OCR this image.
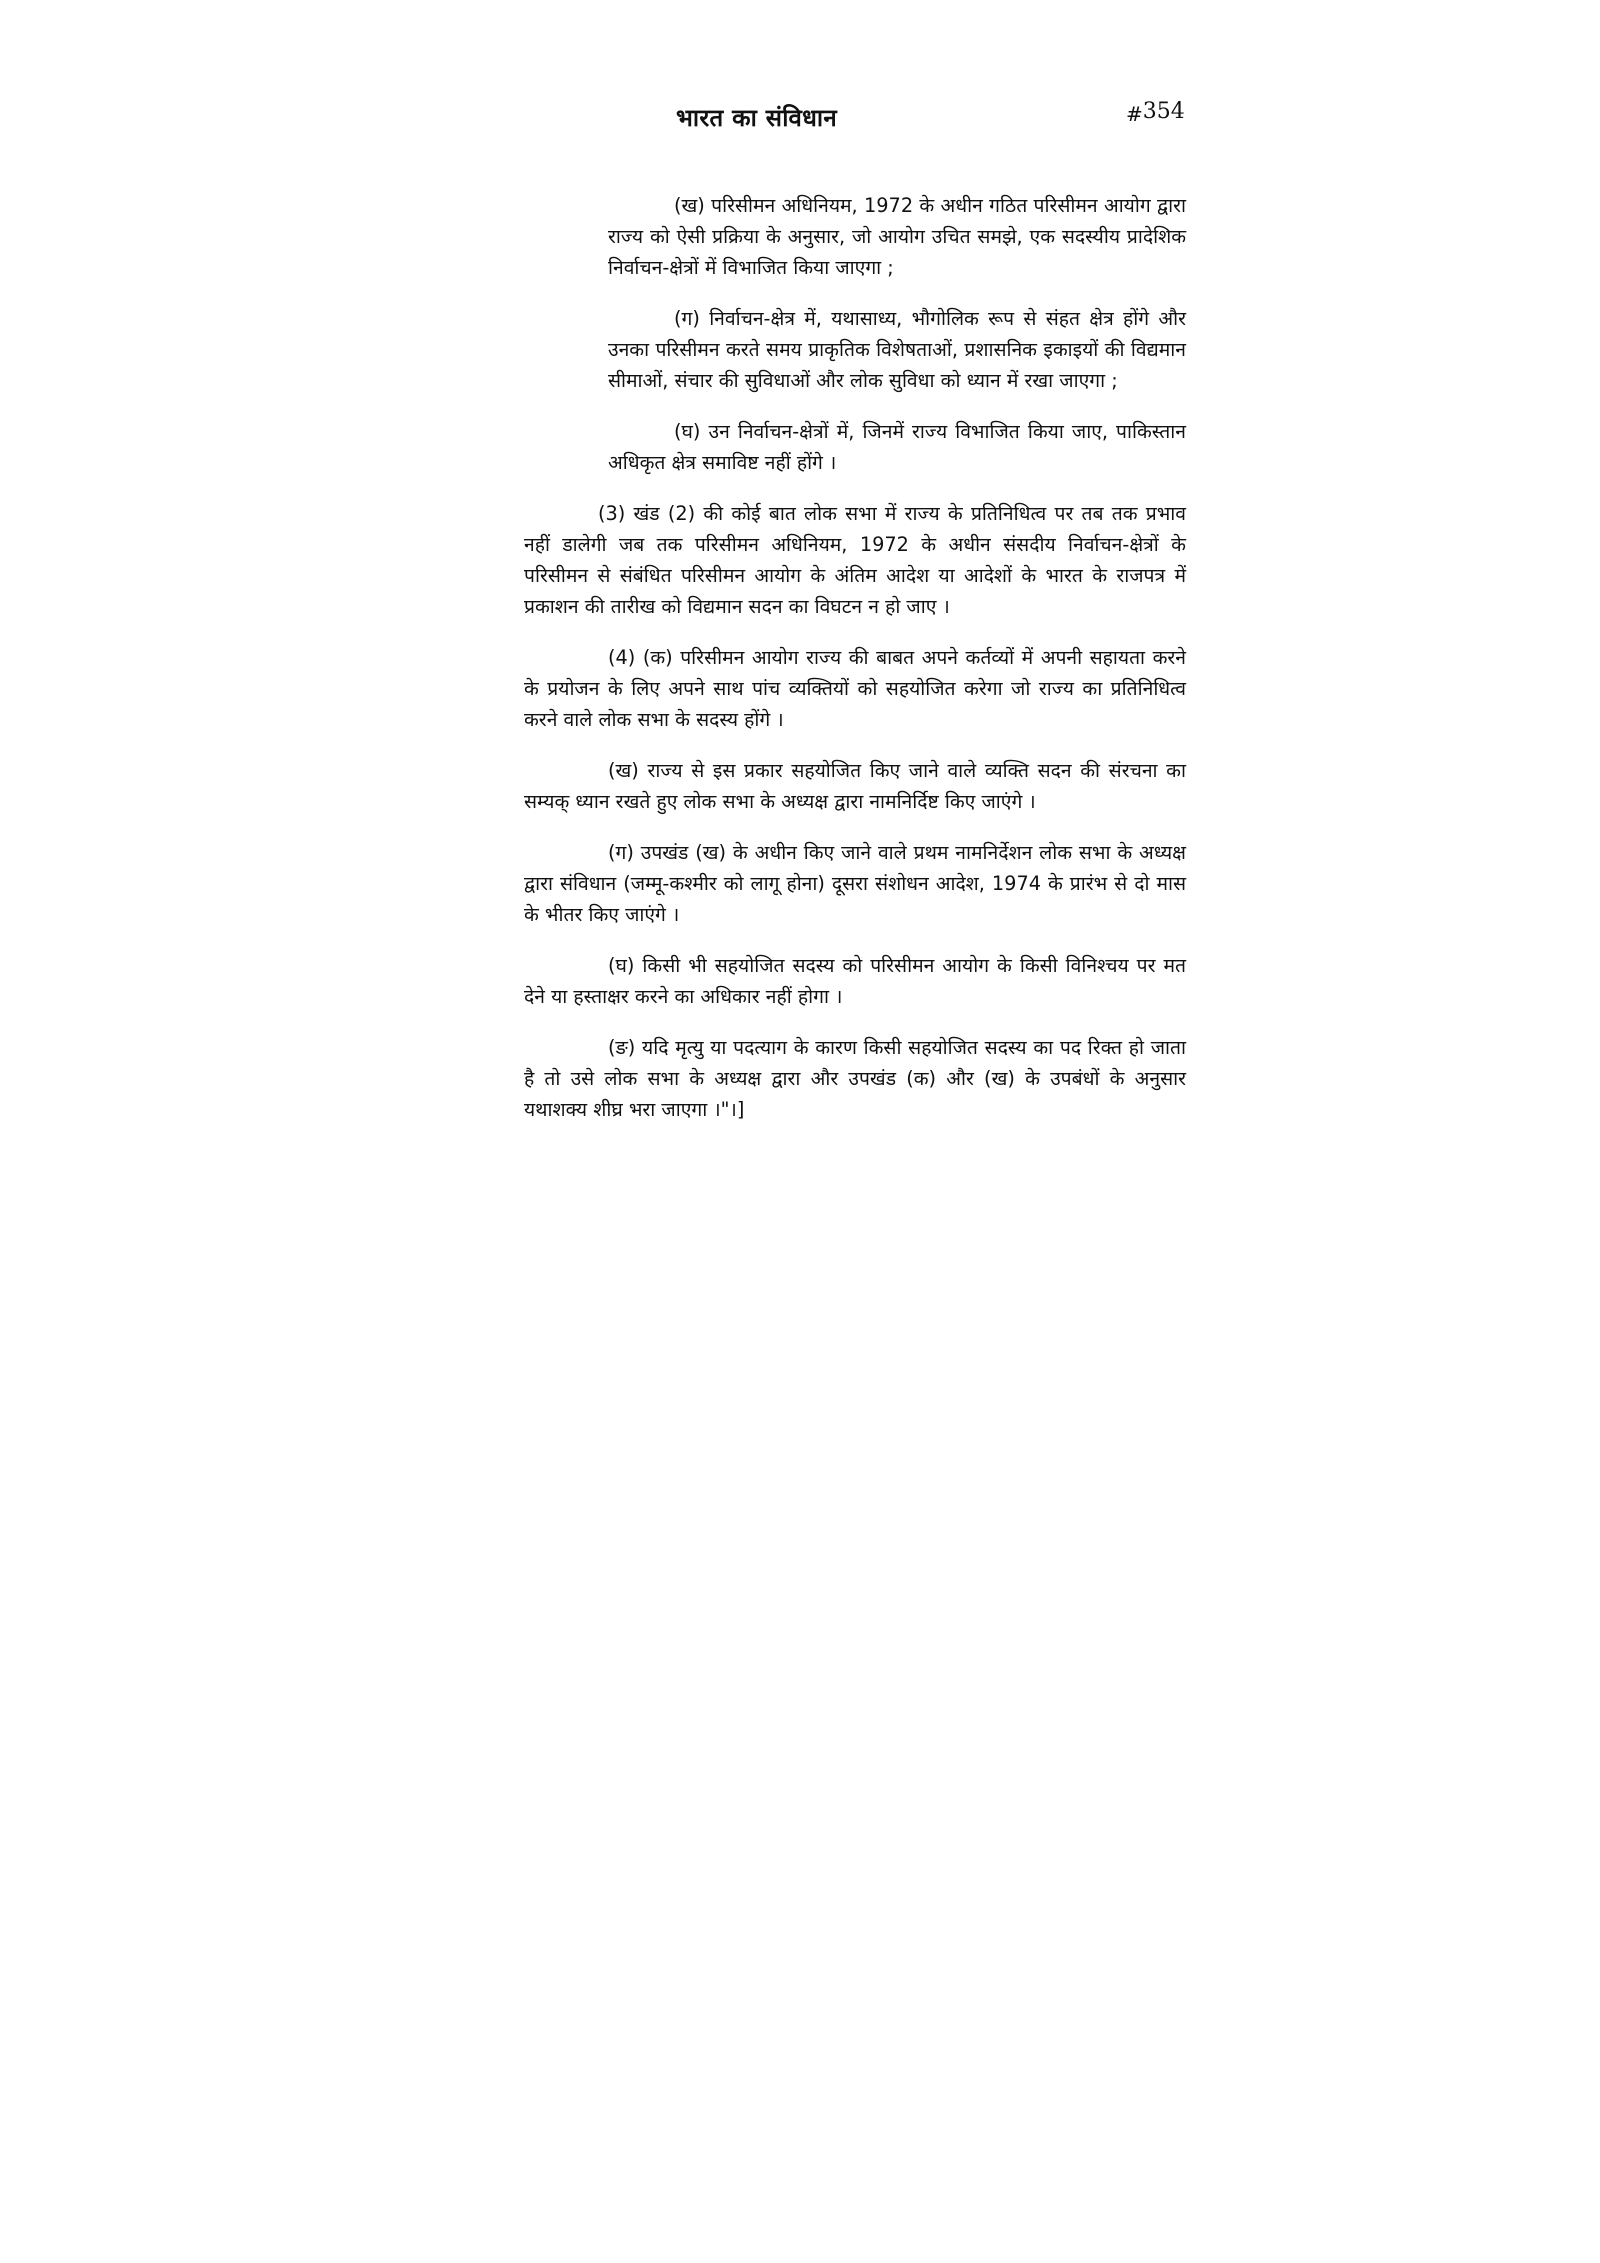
भारत का संविधान	#354

(ख) परिसीमन अधिनियम, 1972 के अधीन गठित परिसीमन आयोग द्वारा राज्य को ऐसी प्रक्रिया के अनुसार, जो आयोग उचित समझे, एक सदस्यीय प्रादेशिक निर्वाचन-क्षेत्रों में विभाजित किया जाएगा ;

(ग) निर्वाचन-क्षेत्र में, यथासाध्य, भौगोलिक रूप से संहत क्षेत्र होंगे और उनका परिसीमन करते समय प्राकृतिक विशेषताओं, प्रशासनिक इकाइयों की विद्यमान सीमाओं, संचार की सुविधाओं और लोक सुविधा को ध्यान में रखा जाएगा ;

(घ) उन निर्वाचन-क्षेत्रों में, जिनमें राज्य विभाजित किया जाए, पाकिस्तान अधिकृत क्षेत्र समाविष्ट नहीं होंगे ।

(3) खंड (2) की कोई बात लोक सभा में राज्य के प्रतिनिधित्व पर तब तक प्रभाव नहीं डालेगी जब तक परिसीमन अधिनियम, 1972 के अधीन संसदीय निर्वाचन-क्षेत्रों के परिसीमन से संबंधित परिसीमन आयोग के अंतिम आदेश या आदेशों के भारत के राजपत्र में प्रकाशन की तारीख को विद्यमान सदन का विघटन न हो जाए ।

(4) (क) परिसीमन आयोग राज्य की बाबत अपने कर्तव्यों में अपनी सहायता करने के प्रयोजन के लिए अपने साथ पांच व्यक्तियों को सहयोजित करेगा जो राज्य का प्रतिनिधित्व करने वाले लोक सभा के सदस्य होंगे ।

(ख) राज्य से इस प्रकार सहयोजित किए जाने वाले व्यक्ति सदन की संरचना का सम्यक् ध्यान रखते हुए लोक सभा के अध्यक्ष द्वारा नामनिर्दिष्ट किए जाएंगे ।

(ग) उपखंड (ख) के अधीन किए जाने वाले प्रथम नामनिर्देशन लोक सभा के अध्यक्ष द्वारा संविधान (जम्मू-कश्मीर को लागू होना) दूसरा संशोधन आदेश, 1974 के प्रारंभ से दो मास के भीतर किए जाएंगे ।

(घ) किसी भी सहयोजित सदस्य को परिसीमन आयोग के किसी विनिश्चय पर मत देने या हस्ताक्षर करने का अधिकार नहीं होगा ।

(ङ) यदि मृत्यु या पदत्याग के कारण किसी सहयोजित सदस्य का पद रिक्त हो जाता है तो उसे लोक सभा के अध्यक्ष द्वारा और उपखंड (क) और (ख) के उपबंधों के अनुसार यथाशक्य शीघ्र भरा जाएगा ।"।]
